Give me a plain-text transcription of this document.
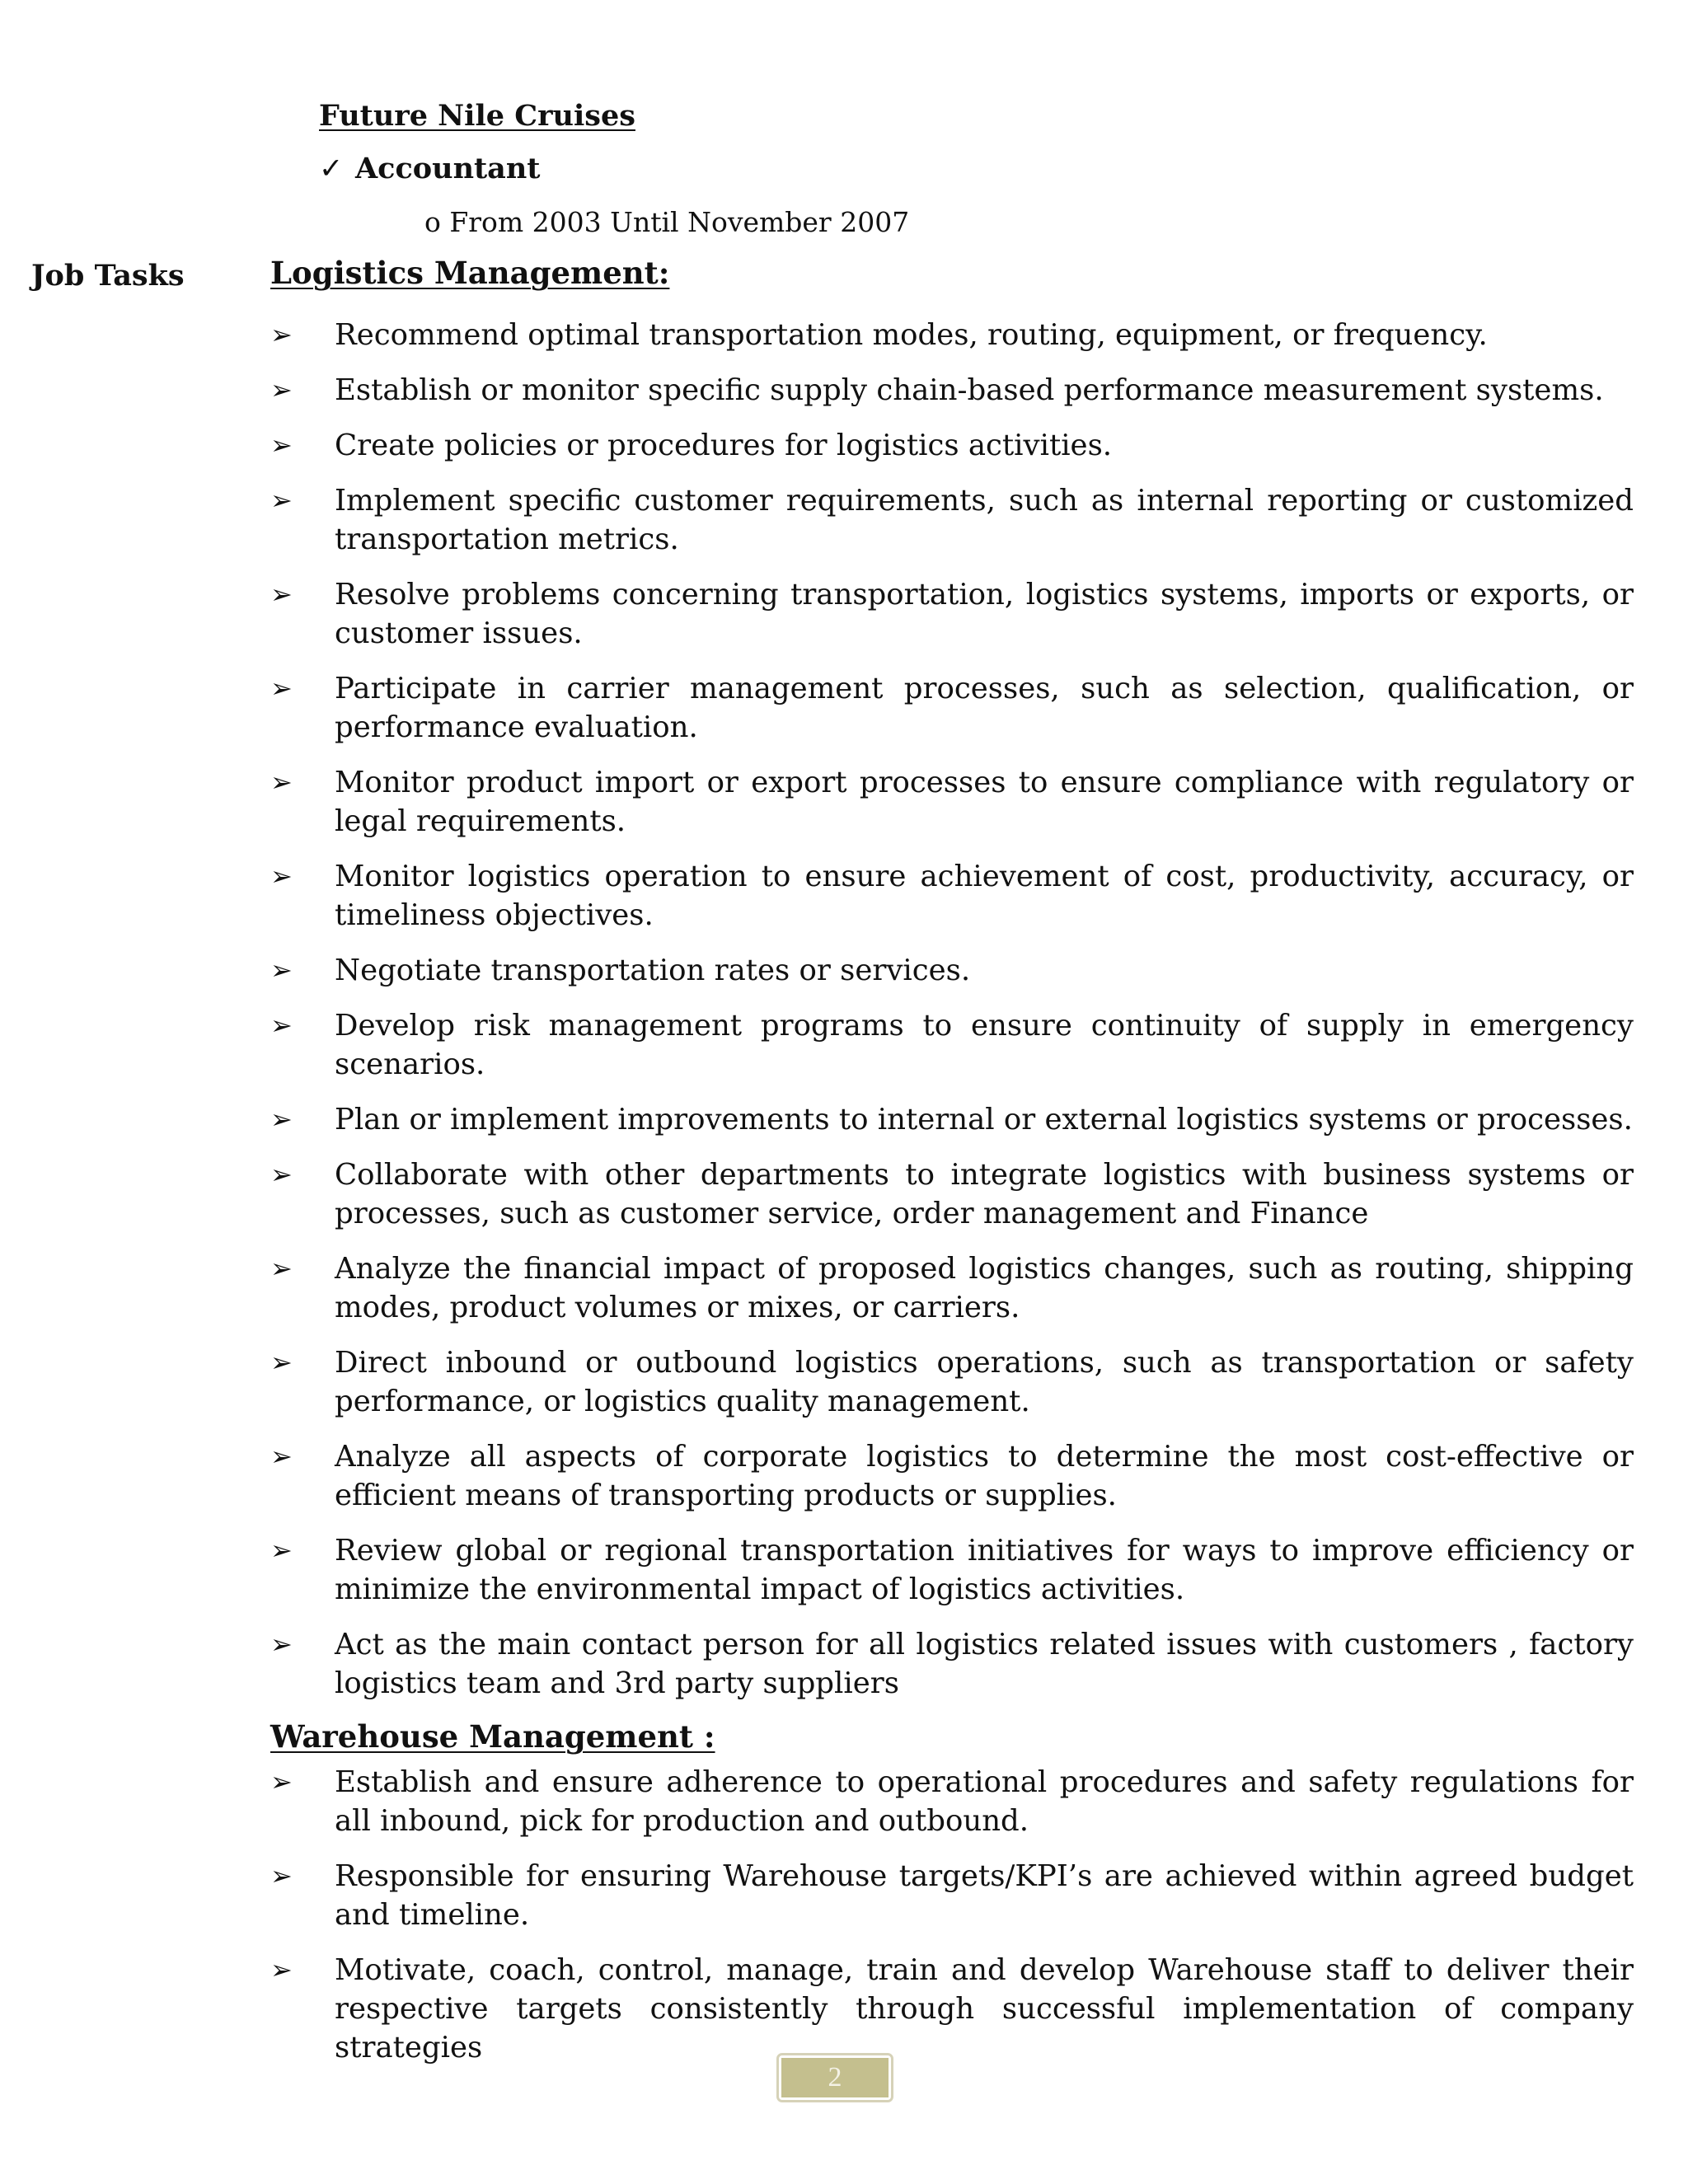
Future Nile Cruises
✓ Accountant
o From 2003 Until November 2007
Job Tasks	Logistics Management:
➢	Recommend optimal transportation modes, routing, equipment, or frequency.
➢	Establish or monitor specific supply chain-based performance measurement systems.
➢	Create policies or procedures for logistics activities.
➢	Implement specific customer requirements, such as internal reporting or customized transportation metrics.
➢	Resolve problems concerning transportation, logistics systems, imports or exports, or customer issues.
➢	Participate in carrier management processes, such as selection, qualification, or performance evaluation.
➢	Monitor product import or export processes to ensure compliance with regulatory or legal requirements.
➢	Monitor logistics operation to ensure achievement of cost, productivity, accuracy, or timeliness objectives.
➢	Negotiate transportation rates or services.
➢	Develop risk management programs to ensure continuity of supply in emergency scenarios.
➢	Plan or implement improvements to internal or external logistics systems or processes.
➢	Collaborate with other departments to integrate logistics with business systems or processes, such as customer service, order management and Finance
➢	Analyze the financial impact of proposed logistics changes, such as routing, shipping modes, product volumes or mixes, or carriers.
➢	Direct inbound or outbound logistics operations, such as transportation or safety performance, or logistics quality management.
➢	Analyze all aspects of corporate logistics to determine the most cost-effective or efficient means of transporting products or supplies.
➢	Review global or regional transportation initiatives for ways to improve efficiency or minimize the environmental impact of logistics activities.
➢	Act as the main contact person for all logistics related issues with customers , factory logistics team and 3rd party suppliers
Warehouse Management :
➢	Establish and ensure adherence to operational procedures and safety regulations for all inbound, pick for production and outbound.
➢	Responsible for ensuring Warehouse targets/KPI’s are achieved within agreed budget and timeline.
➢	Motivate, coach, control, manage, train and develop Warehouse staff to deliver their respective targets consistently through successful implementation of company strategies
2
